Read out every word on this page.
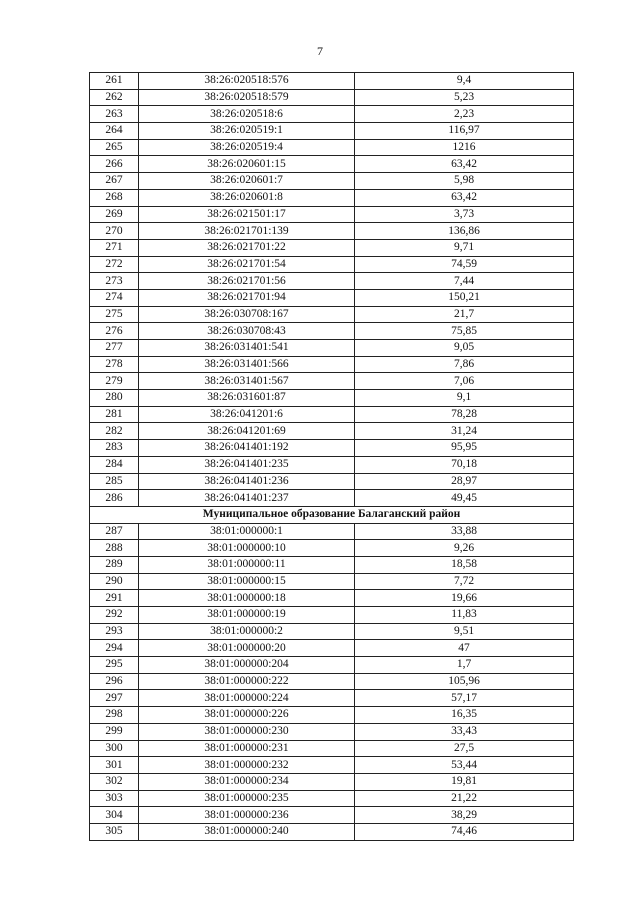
7
261	38:26:020518:576	9,4
262	38:26:020518:579	5,23
263	38:26:020518:6	2,23
264	38:26:020519:1	116,97
265	38:26:020519:4	1216
266	38:26:020601:15	63,42
267	38:26:020601:7	5,98
268	38:26:020601:8	63,42
269	38:26:021501:17	3,73
270	38:26:021701:139	136,86
271	38:26:021701:22	9,71
272	38:26:021701:54	74,59
273	38:26:021701:56	7,44
274	38:26:021701:94	150,21
275	38:26:030708:167	21,7
276	38:26:030708:43	75,85
277	38:26:031401:541	9,05
278	38:26:031401:566	7,86
279	38:26:031401:567	7,06
280	38:26:031601:87	9,1
281	38:26:041201:6	78,28
282	38:26:041201:69	31,24
283	38:26:041401:192	95,95
284	38:26:041401:235	70,18
285	38:26:041401:236	28,97
286	38:26:041401:237	49,45
Муниципальное образование Балаганский район		
287	38:01:000000:1	33,88
288	38:01:000000:10	9,26
289	38:01:000000:11	18,58
290	38:01:000000:15	7,72
291	38:01:000000:18	19,66
292	38:01:000000:19	11,83
293	38:01:000000:2	9,51
294	38:01:000000:20	47
295	38:01:000000:204	1,7
296	38:01:000000:222	105,96
297	38:01:000000:224	57,17
298	38:01:000000:226	16,35
299	38:01:000000:230	33,43
300	38:01:000000:231	27,5
301	38:01:000000:232	53,44
302	38:01:000000:234	19,81
303	38:01:000000:235	21,22
304	38:01:000000:236	38,29
305	38:01:000000:240	74,46
